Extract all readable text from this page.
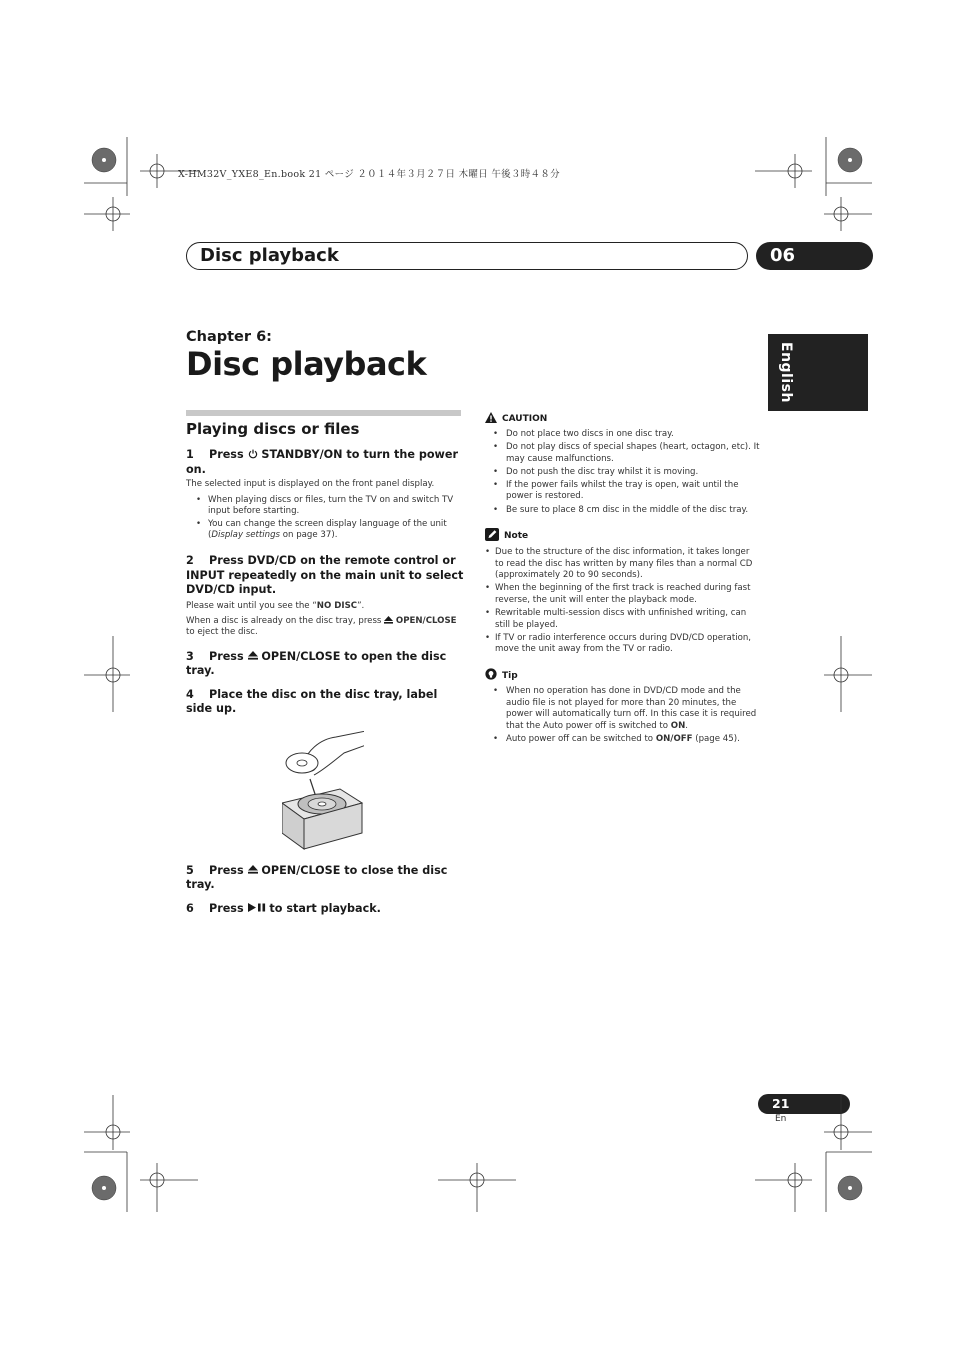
X-HM32V_YXE8_En.book 21 ページ ２０１４年３月２７日 木曜日 午後３時４８分
Disc playback	06
English
Chapter 6:
Disc playback
Playing discs or files
1 Press  STANDBY/ON to turn the power on.
The selected input is displayed on the front panel display.
• When playing discs or files, turn the TV on and switch TV input before starting.
• You can change the screen display language of the unit (Display settings on page 37).
2 Press DVD/CD on the remote control or INPUT repeatedly on the main unit to select DVD/CD input.
Please wait until you see the “NO DISC”.
When a disc is already on the disc tray, press  OPEN/CLOSE to eject the disc.
3 Press  OPEN/CLOSE to open the disc tray.
4 Place the disc on the disc tray, label side up.
5 Press  OPEN/CLOSE to close the disc tray.
6 Press  to start playback.
CAUTION
• Do not place two discs in one disc tray.
• Do not play discs of special shapes (heart, octagon, etc). It may cause malfunctions.
• Do not push the disc tray whilst it is moving.
• If the power fails whilst the tray is open, wait until the power is restored.
• Be sure to place 8 cm disc in the middle of the disc tray.
Note
• Due to the structure of the disc information, it takes longer to read the disc has written by many files than a normal CD (approximately 20 to 90 seconds).
• When the beginning of the first track is reached during fast reverse, the unit will enter the playback mode.
• Rewritable multi-session discs with unfinished writing, can still be played.
• If TV or radio interference occurs during DVD/CD operation, move the unit away from the TV or radio.
Tip
• When no operation has done in DVD/CD mode and the audio file is not played for more than 20 minutes, the power will automatically turn off. In this case it is required that the Auto power off is switched to ON.
• Auto power off can be switched to ON/OFF (page 45).
21
En
